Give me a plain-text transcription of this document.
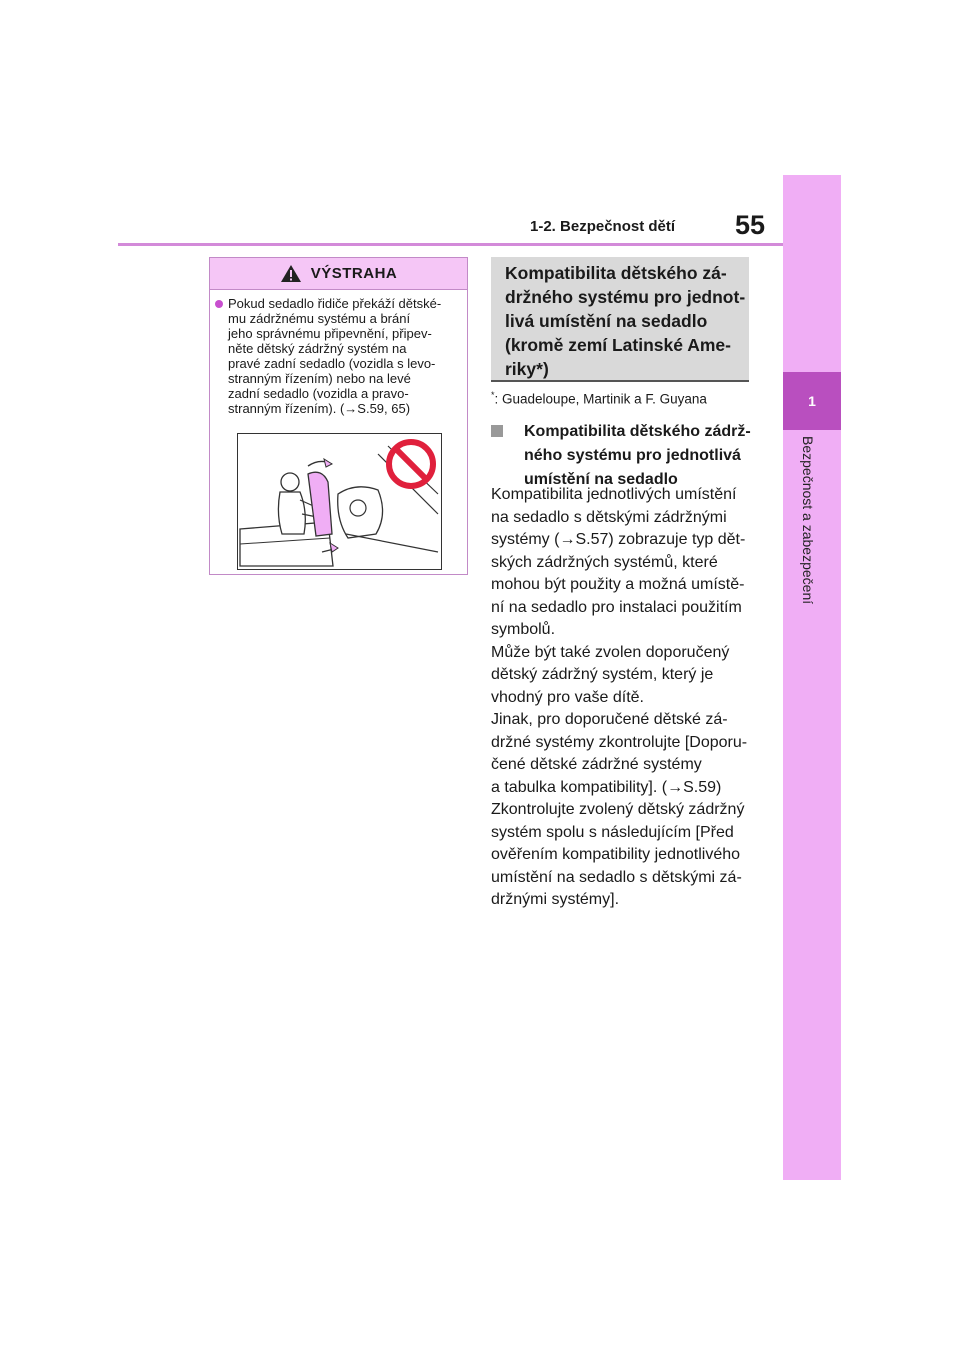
1-2. Bezpečnost dětí 55
1
Bezpečnost a zabezpečení
VÝSTRAHA
Pokud sedadlo řidiče překáží dětské-
mu zádržnému systému a brání
jeho správnému připevnění, připev-
něte dětský zádržný systém na
pravé zadní sedadlo (vozidla s levo-
stranným řízením) nebo na levé
zadní sedadlo (vozidla a pravo-
stranným řízením). (→S.59, 65)
Kompatibilita dětského zá-
držného systému pro jednot-
livá umístění na sedadlo
(kromě zemí Latinské Ame-
riky*)
*: Guadeloupe, Martinik a F. Guyana
Kompatibilita dětského zádrž-
ného systému pro jednotlivá
umístění na sedadlo
Kompatibilita jednotlivých umístění
na sedadlo s dětskými zádržnými
systémy (→S.57) zobrazuje typ dět-
ských zádržných systémů, které
mohou být použity a možná umístě-
ní na sedadlo pro instalaci použitím
symbolů.
Může být také zvolen doporučený
dětský zádržný systém, který je
vhodný pro vaše dítě.
Jinak, pro doporučené dětské zá-
držné systémy zkontrolujte [Doporu-
čené dětské zádržné systémy
a tabulka kompatibility]. (→S.59)
Zkontrolujte zvolený dětský zádržný
systém spolu s následujícím [Před
ověřením kompatibility jednotlivého
umístění na sedadlo s dětskými zá-
držnými systémy].
